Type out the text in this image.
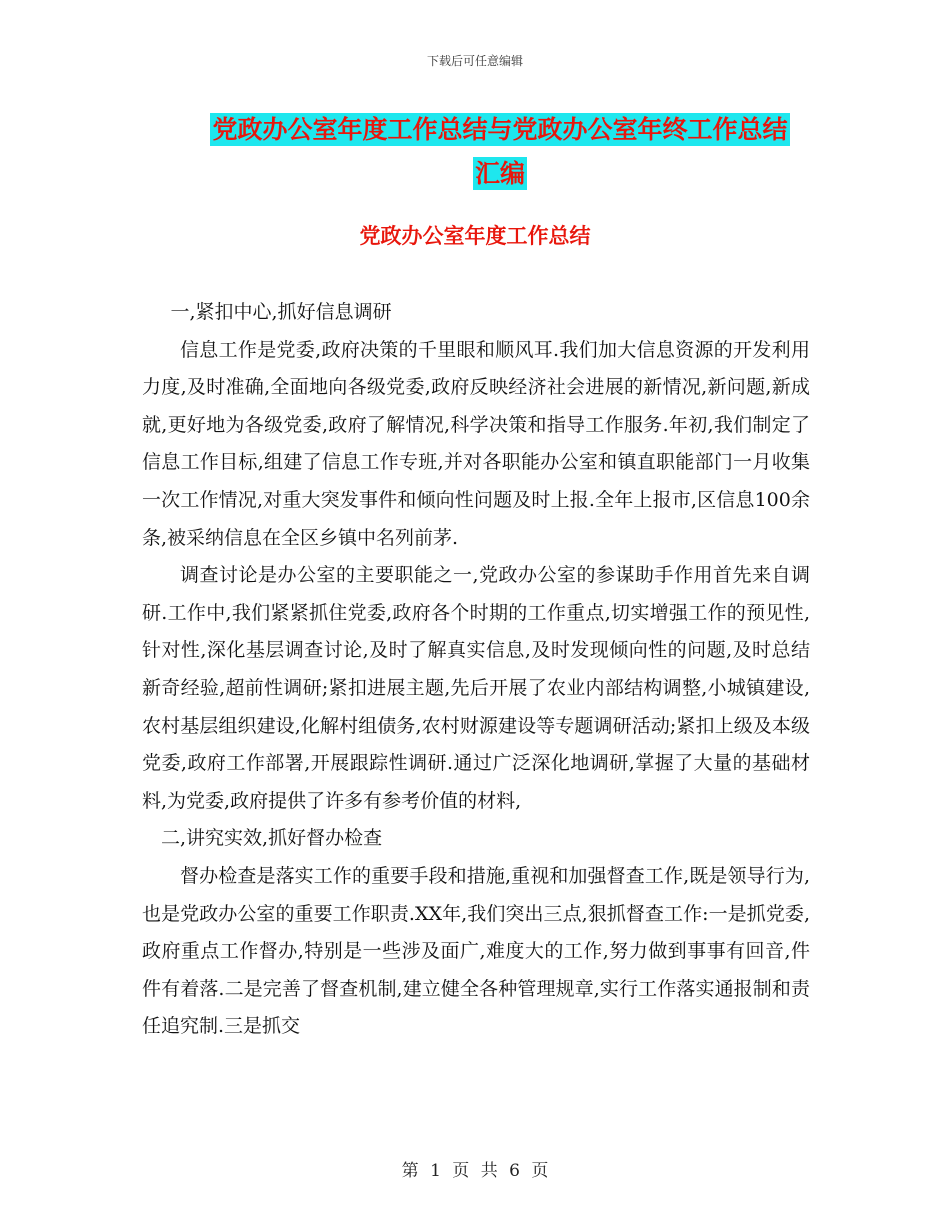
下载后可任意编辑
党政办公室年度工作总结与党政办公室年终工作总结
汇编
党政办公室年度工作总结

一,紧扣中心,抓好信息调研

信息工作是党委,政府决策的千里眼和顺风耳.我们加大信息资源的开发利用力度,及时准确,全面地向各级党委,政府反映经济社会进展的新情况,新问题,新成就,更好地为各级党委,政府了解情况,科学决策和指导工作服务.年初,我们制定了信息工作目标,组建了信息工作专班,并对各职能办公室和镇直职能部门一月收集一次工作情况,对重大突发事件和倾向性问题及时上报.全年上报市,区信息100余条,被采纳信息在全区乡镇中名列前茅.

调查讨论是办公室的主要职能之一,党政办公室的参谋助手作用首先来自调研.工作中,我们紧紧抓住党委,政府各个时期的工作重点,切实增强工作的预见性,针对性,深化基层调查讨论,及时了解真实信息,及时发现倾向性的问题,及时总结新奇经验,超前性调研;紧扣进展主题,先后开展了农业内部结构调整,小城镇建设,农村基层组织建设,化解村组债务,农村财源建设等专题调研活动;紧扣上级及本级党委,政府工作部署,开展跟踪性调研.通过广泛深化地调研,掌握了大量的基础材料,为党委,政府提供了许多有参考价值的材料,

二,讲究实效,抓好督办检查

督办检查是落实工作的重要手段和措施,重视和加强督查工作,既是领导行为,也是党政办公室的重要工作职责.XX年,我们突出三点,狠抓督查工作:一是抓党委,政府重点工作督办,特别是一些涉及面广,难度大的工作,努力做到事事有回音,件件有着落.二是完善了督查机制,建立健全各种管理规章,实行工作落实通报制和责任追究制.三是抓交

第 1 页 共 6 页
